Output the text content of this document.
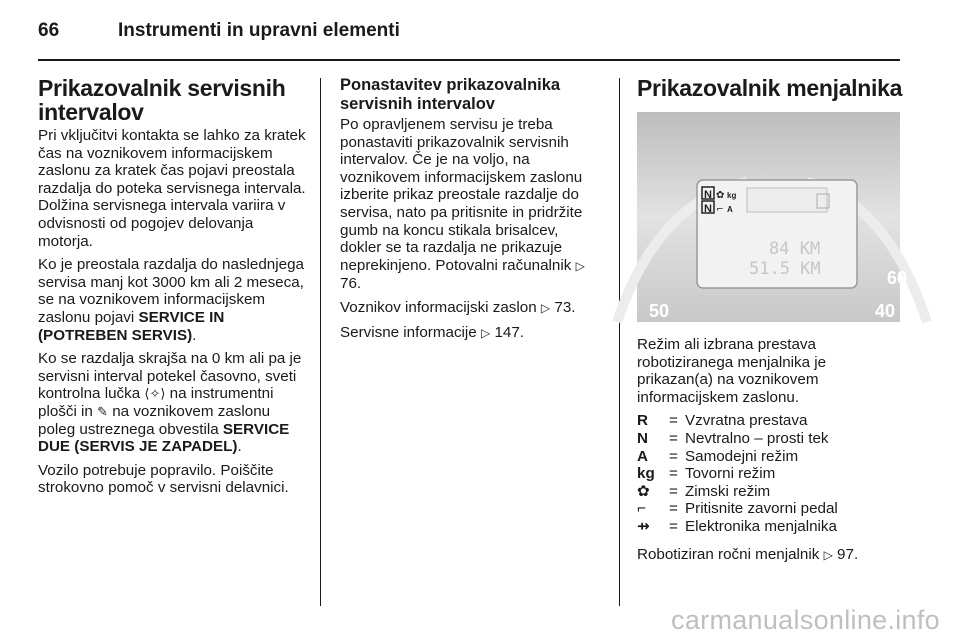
66	Instrumenti in upravni elementi
Prikazovalnik servisnih intervalov

Pri vključitvi kontakta se lahko za kratek čas na voznikovem informacijskem zaslonu za kratek čas pojavi preostala razdalja do poteka servisnega intervala. Dolžina servisnega intervala variira v odvisnosti od pogojev delovanja motorja.

Ko je preostala razdalja do naslednjega servisa manj kot 3000 km ali 2 meseca, se na voznikovem informacijskem zaslonu pojavi SERVICE IN (POTREBEN SERVIS).

Ko se razdalja skrajša na 0 km ali pa je servisni interval potekel časovno, sveti kontrolna lučka ⟨✧⟩ na instrumentni plošči in ✎ na voznikovem zaslonu poleg ustreznega obvestila SERVICE DUE (SERVIS JE ZAPADEL).

Vozilo potrebuje popravilo. Poiščite strokovno pomoč v servisni delavnici.

Ponastavitev prikazovalnika servisnih intervalov

Po opravljenem servisu je treba ponastaviti prikazovalnik servisnih intervalov. Če je na voljo, na voznikovem informacijskem zaslonu izberite prikaz preostale razdalje do servisa, nato pa pritisnite in pridržite gumb na koncu stikala brisalcev, dokler se ta razdalja ne prikazuje neprekinjeno. Potovalni računalnik ▷ 76.

Voznikov informacijski zaslon ▷ 73.

Servisne informacije ▷ 147.

Prikazovalnik menjalnika
N
N
✿ kg
⌐ A
84 KM
51.5 KM
50
60
40

Režim ali izbrana prestava robotiziranega menjalnika je prikazan(a) na voznikovem informacijskem zaslonu.

R	=	Vzvratna prestava
N	=	Nevtralno – prosti tek
A	=	Samodejni režim
kg	=	Tovorni režim
✿	=	Zimski režim
⌐	=	Pritisnite zavorni pedal
⇸	=	Elektronika menjalnika

Robotiziran ročni menjalnik ▷ 97.

carmanualsonline.info
